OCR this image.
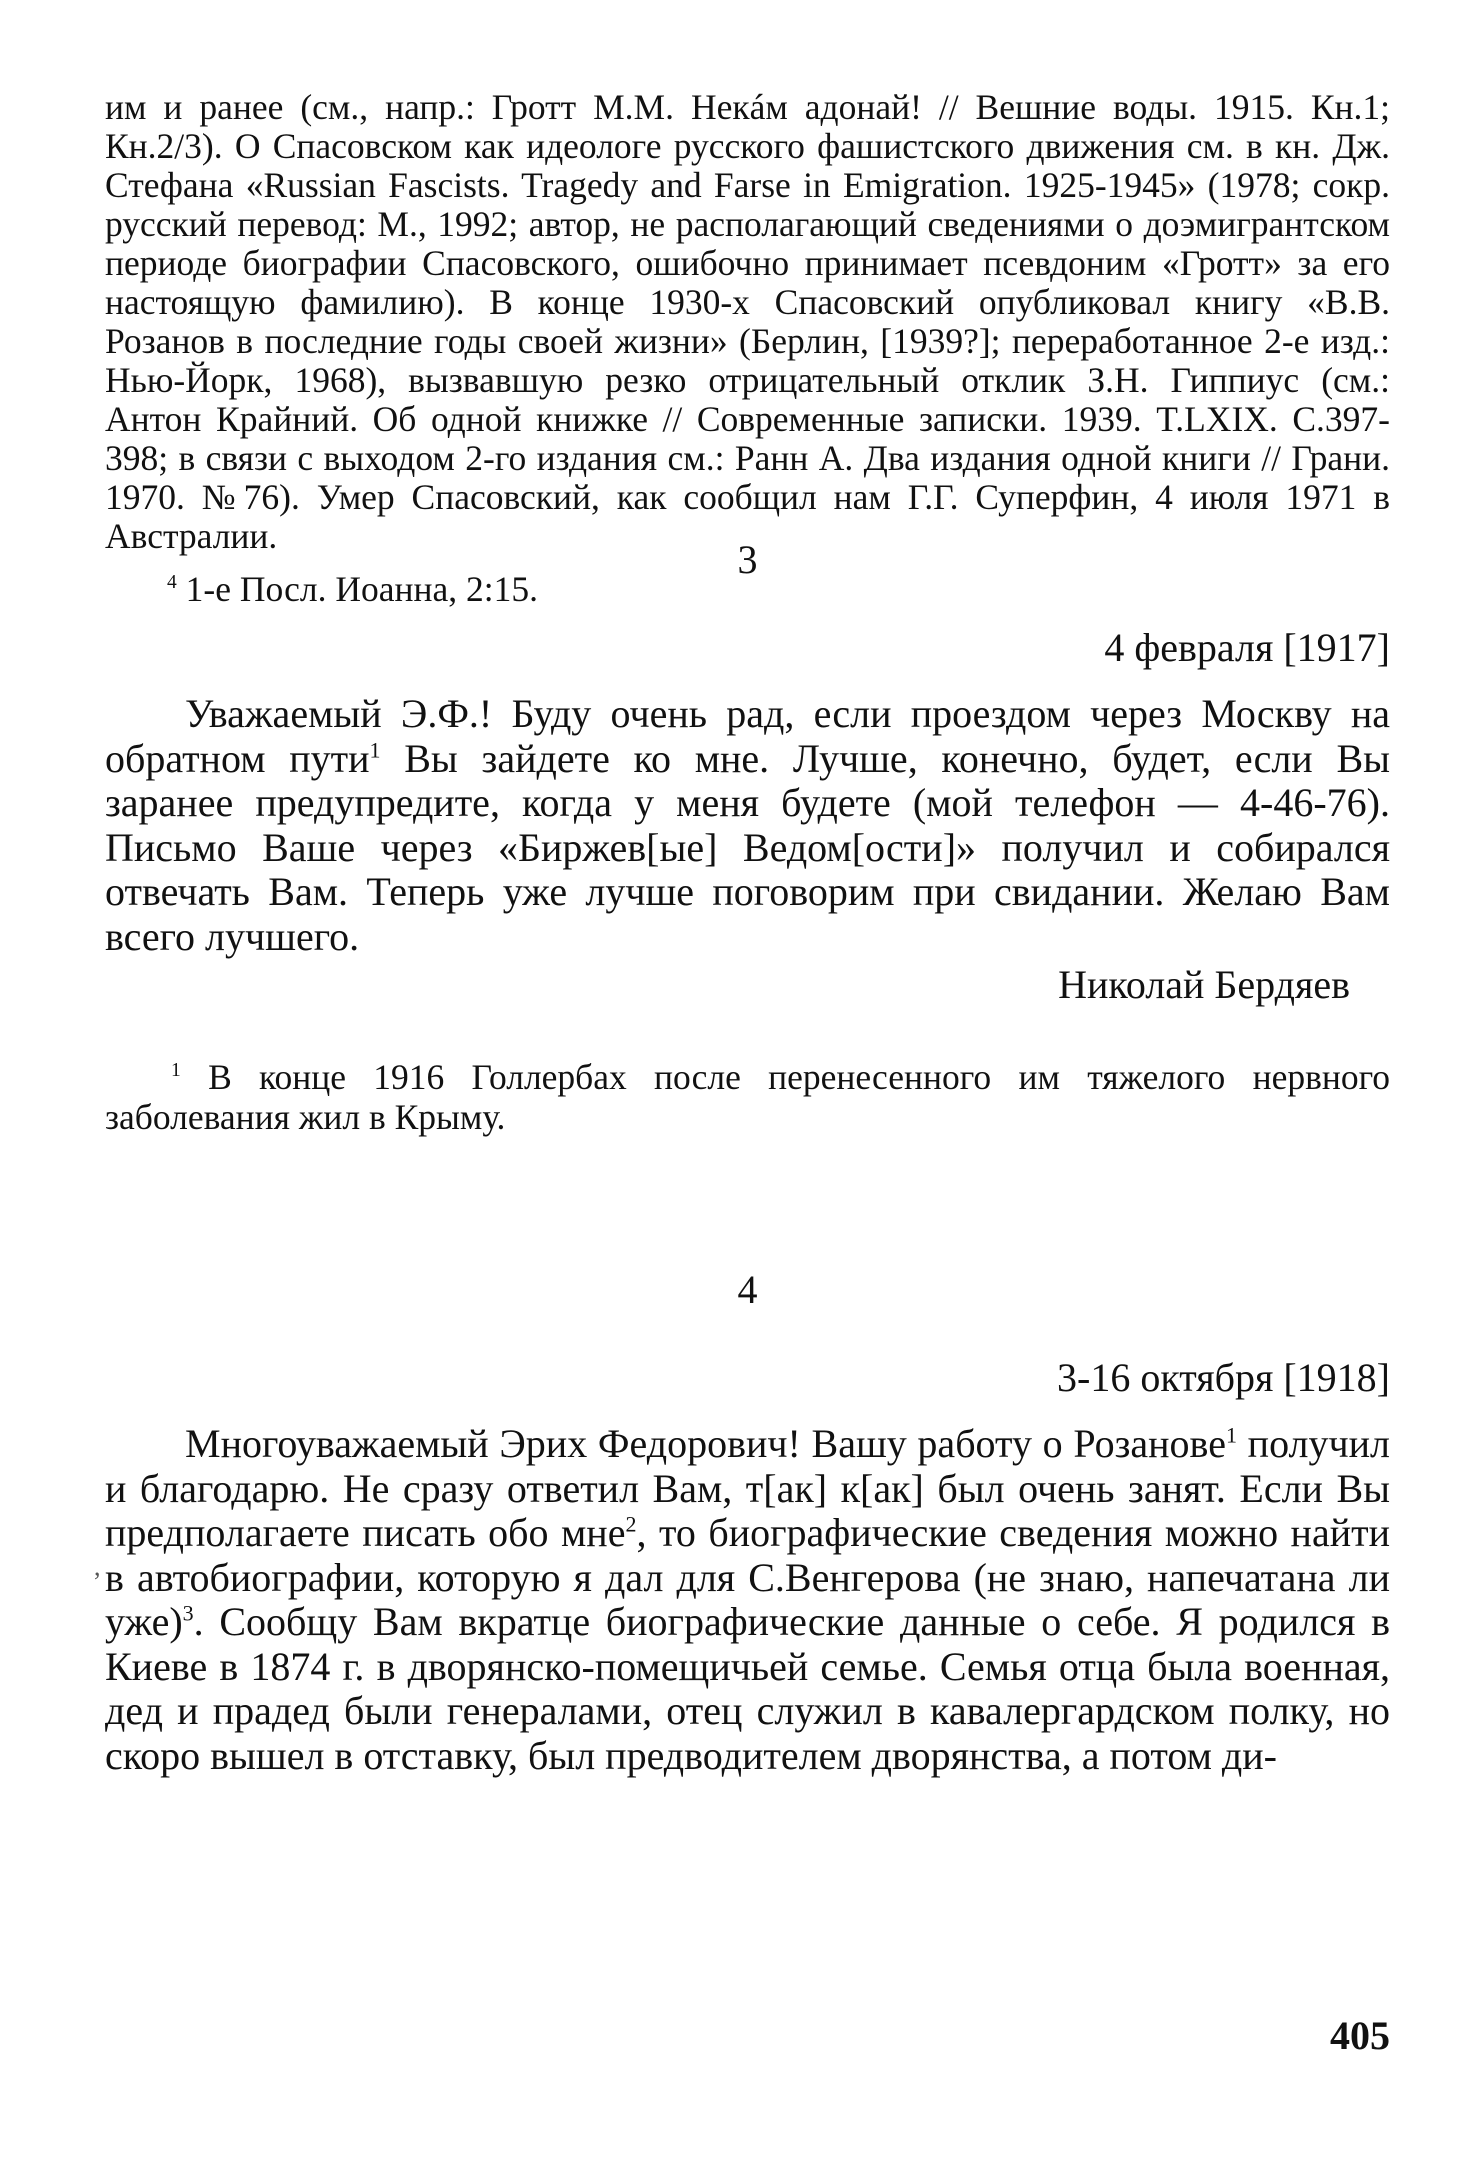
им и ранее (см., напр.: Гротт М.М. Некáм адонай! // Вешние воды. 1915. Кн.1; Кн.2/3). О Спасовском как идеологе русского фашистского движения см. в кн. Дж. Стефана «Russian Fascists. Tragedy and Farse in Emigration. 1925-1945» (1978; сокр. русский перевод: М., 1992; автор, не располагающий сведениями о доэмигрантском периоде биографии Спасовского, ошибочно принимает псевдоним «Гротт» за его настоящую фамилию). В конце 1930-х Спасовский опубликовал книгу «В.В. Розанов в последние годы своей жизни» (Берлин, [1939?]; переработанное 2-е изд.: Нью-Йорк, 1968), вызвавшую резко отрицательный отклик З.Н. Гиппиус (см.: Антон Крайний. Об одной книжке // Современные записки. 1939. T.LXIX. С.397-398; в связи с выходом 2-го издания см.: Ранн А. Два издания одной книги // Грани. 1970. №76). Умер Спасовский, как сообщил нам Г.Г. Суперфин, 4 июля 1971 в Австралии.

$^4$ 1-е Посл. Иоанна, 2:15.

3

4 февраля [1917]

Уважаемый Э.Ф.! Буду очень рад, если проездом через Москву на обратном пути$^1$ Вы зайдете ко мне. Лучше, конечно, будет, если Вы заранее предупредите, когда у меня будете (мой телефон — 4-46-76). Письмо Ваше через «Биржев[ые] Ведом[ости]» получил и собирался отвечать Вам. Теперь уже лучше поговорим при свидании. Желаю Вам всего лучшего.

Николай Бердяев

$^1$ В конце 1916 Голлербах после перенесенного им тяжелого нервного заболевания жил в Крыму.

4

3-16 октября [1918]

Многоуважаемый Эрих Федорович! Вашу работу о Розанове$^1$ получил и благодарю. Не сразу ответил Вам, т[ак] к[ак] был очень занят. Если Вы предполагаете писать обо мне$^2$, то биографические сведения можно найти в автобиографии, которую я дал для С.Венгерова (не знаю, напечатана ли уже)$^3$. Сообщу Вам вкратце биографические данные о себе. Я родился в Киеве в 1874 г. в дворянско-помещичьей семье. Семья отца была военная, дед и прадед были генералами, отец служил в кавалергардском полку, но скоро вышел в отставку, был предводителем дворянства, а потом ди-

,

405
